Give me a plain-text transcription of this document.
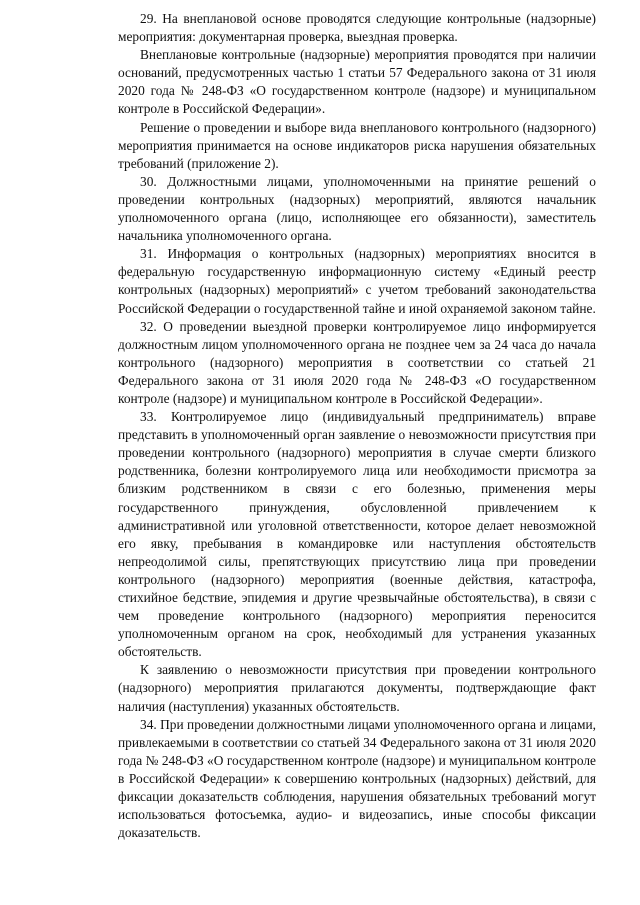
29. На внеплановой основе проводятся следующие контрольные (надзорные) мероприятия: документарная проверка, выездная проверка.

Внеплановые контрольные (надзорные) мероприятия проводятся при наличии оснований, предусмотренных частью 1 статьи 57 Федерального закона от 31 июля 2020 года № 248-ФЗ «О государственном контроле (надзоре) и муниципальном контроле в Российской Федерации».

Решение о проведении и выборе вида внепланового контрольного (надзорного) мероприятия принимается на основе индикаторов риска нарушения обязательных требований (приложение 2).

30. Должностными лицами, уполномоченными на принятие решений о проведении контрольных (надзорных) мероприятий, являются начальник уполномоченного органа (лицо, исполняющее его обязанности), заместитель начальника уполномоченного органа.

31. Информация о контрольных (надзорных) мероприятиях вносится в федеральную государственную информационную систему «Единый реестр контрольных (надзорных) мероприятий» с учетом требований законодательства Российской Федерации о государственной тайне и иной охраняемой законом тайне.

32. О проведении выездной проверки контролируемое лицо информируется должностным лицом уполномоченного органа не позднее чем за 24 часа до начала контрольного (надзорного) мероприятия в соответствии со статьей 21 Федерального закона от 31 июля 2020 года № 248-ФЗ «О государственном контроле (надзоре) и муниципальном контроле в Российской Федерации».

33. Контролируемое лицо (индивидуальный предприниматель) вправе представить в уполномоченный орган заявление о невозможности присутствия при проведении контрольного (надзорного) мероприятия в случае смерти близкого родственника, болезни контролируемого лица или необходимости присмотра за близким родственником в связи с его болезнью, применения меры государственного принуждения, обусловленной привлечением к административной или уголовной ответственности, которое делает невозможной его явку, пребывания в командировке или наступления обстоятельств непреодолимой силы, препятствующих присутствию лица при проведении контрольного (надзорного) мероприятия (военные действия, катастрофа, стихийное бедствие, эпидемия и другие чрезвычайные обстоятельства), в связи с чем проведение контрольного (надзорного) мероприятия переносится уполномоченным органом на срок, необходимый для устранения указанных обстоятельств.

К заявлению о невозможности присутствия при проведении контрольного (надзорного) мероприятия прилагаются документы, подтверждающие факт наличия (наступления) указанных обстоятельств.

34. При проведении должностными лицами уполномоченного органа и лицами, привлекаемыми в соответствии со статьей 34 Федерального закона от 31 июля 2020 года № 248-ФЗ «О государственном контроле (надзоре) и муниципальном контроле в Российской Федерации» к совершению контрольных (надзорных) действий, для фиксации доказательств соблюдения, нарушения обязательных требований могут использоваться фотосъемка, аудио- и видеозапись, иные способы фиксации доказательств.
